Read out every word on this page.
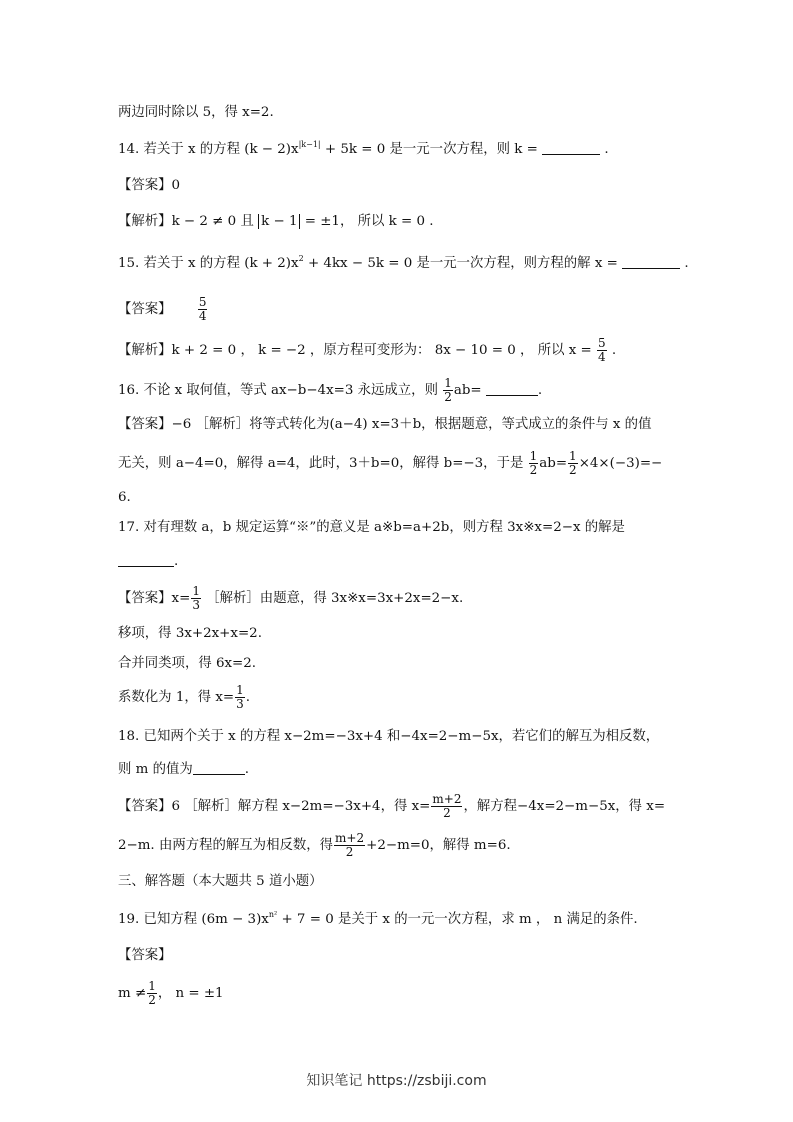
两边同时除以 5，得 x=2.
14. 若关于 x 的方程 $(k - 2)x^{|k-1|} + 5k = 0$ 是一元一次方程，则 k =	.
【答案】0
【解析】k − 2 ≠ 0 且 k − 1 = ±1， 所以 k = 0 .
15. 若关于 x 的方程 $(k + 2)x^2 + 4kx - 5k = 0$ 是一元一次方程，则方程的解 x =	.
【答案】 $\frac{5}{4}$
【解析】k + 2 = 0 ， k = −2 ，原方程可变形为： 8x − 10 = 0 ， 所以 $x = \frac{5}{4}$ .
16. 不论 x 取何值，等式 ax−b−4x=3 永远成立，则 $\frac{1}{2} ab=$	.
【答案】−6 ［解析］将等式转化为(a−4) x=3＋b，根据题意，等式成立的条件与 x 的值
无关，则 a−4=0，解得 a=4，此时，3＋b=0，解得 b=−3，于是 $\frac{1}{2} ab= \frac{1}{2} \times 4\times(-3)=-$
6.
17. 对有理数 a，b 规定运算“※”的意义是 a※b=a+2b，则方程 3x※x=2−x 的解是
.
【答案】$x= \frac{1}{3}$ ［解析］由题意，得 3x※x=3x+2x=2−x.
移项，得 3x+2x+x=2.
合并同类项，得 6x=2.
系数化为 1，得 $x= \frac{1}{3}$ .
18. 已知两个关于 x 的方程 x−2m=−3x+4 和−4x=2−m−5x，若它们的解互为相反数，
则 m 的值为	.
【答案】6 ［解析］解方程 x−2m=−3x+4，得 $x= \frac{m+2}{2}$ ，解方程−4x=2−m−5x，得 x=
2−m. 由两方程的解互为相反数，得 $\frac{m+2}{2} +2-m=0$，解得 m=6.
三、解答题（本大题共 5 道小题）
19. 已知方程 $(6m - 3)x^{n^2} + 7 = 0$ 是关于 x 的一元一次方程，求 m ， n 满足的条件.
【答案】
$m \ne \frac{1}{2}$ ， n = ±1
知识笔记 https://zsbiji.com
